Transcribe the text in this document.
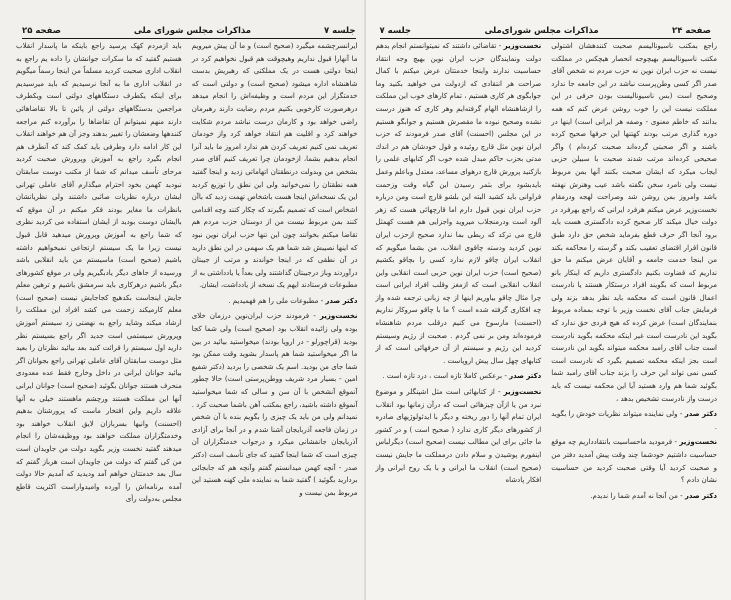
جلسه ۷
مذاکرات مجلس شورای ملی
صفحه ۲۵

ایرانسرچشمه میگیرد (صحیح است) و ما آن پیش میرویم ما آنهارا قبول نداریم وهیچوقت هم قبول نخواهیم کرد در اینجا دولتی هست در یک مملکتی که رهبریش بدست شاهنشاه اداره میشود (صحیح است) و دولتی است که خدمتگزار این مردم است و وظیفه‌اش را انجام میدهد درهرصورت کارخوبی بکنیم مردم رضایت دارند رهبرمان راضی خواهد بود و کارمان درست نباشد مردم شکایت خواهند کرد و اقلیت هم انتقاد خواهد کرد واز خودمان تعریف نمی کنیم تعریف کردن هم ندارد امروز ما باید آنرا انجام بدهیم بشما، ازخودمان چرا تعریف کنیم آقای صدر بشخص من وبدولت درنطقتان اتهاماتی زدید و اینجا گفتید همه نطقتان را نمی‌خوانید ولی این نطق را توزیع کردید این یک نسخه‌اش اینجا هست باشخاص تهمت زدید که باآن اشخاص است که تصمیم بگیرند که چکار کنند وچه اقدامی کنند بمن مربوط نیست من از دوستان حزب مردم هم تقاضا میکنم بخوانند چون این تنها حزب ایران نوین نبود که اینها نصیبش شد شما هم یک سهمی در این نطق دارید در آن نطقی که در اینجا خواندند و مرتب از جیبتان درآوردند وباز درجیبتان گذاشتند ولی بعداً یا یادداشتی به از مطبوعات فرستادند ایهم یک نسخه از یادداشت، ایشان.

دکتر صدر - مطبوعات ملی را هم فهمیدیم .

نخست‌وزیر - فرمودند حزب ایران‌نوین درزمان خلای بوده ولی زائیده انقلاب بود (صحیح است) ولی شما کجا بودید (قراچورلو - در اروپا بودند) میخواستید بیائید در بین ما اگر میخواستید شما هم پاسدار بشوید وقت ممکن بود شما جای من بودید. اسم یک شخصی را بردید (دکتر شفیع امین - بسیار مرد شریف ووطن‌پرستی است) حالا چطور آنموقع آنشخص با آن سن و سالی که شما میخواستید آنموقع داشته باشید، راجع بمکتب آهن باشما صحبت کرد . نمیدانم ولی من باید یک چیزی را بگویم بنده با آن شخص در زمان فاجعه آذربایجان آشنا شدم و در آنجا برای آزادی آذربایجان جانفشانی میکرد و درجواب خدمتگزاران آن چیزی است که شما اینجا گفتید که جای تأسف است (دکتر صدر - آنچه کهمن میدانستم گفتم وآنچه هم که جابجائی بردارید بگوئید ) گفتید شما به نماینده ملی کهنه هستید این مربوط بمن نیست و

باید ازمردم کهک پرسید راجع باینکه ما پاسدار انقلاب هستیم گفتید که ما سکرات جوانشان را داده یم راجع به انقلاب اداری صحبت کردید مسلماً من اینجا رسماً میگویم در انقلاب اداری ما به آنجا نرسیدیم که باید میرسیدیم برای اینکه یکطرف دستگاههای دولتی است ویکطرف مراجعین بدستگاههای دولتی از پائین تا بالا تقاضاهائی دارند منهم نمیتوانم آن تقاضاها را برآورده کنم مراجعه کنندهها وضعشان را تغییر بدهند وجز آن هم خواهند انقلاب این کار ادامه دارد وطرفی باید کمک کند که آنطرف هم انجام بگیرد راجع به آموزش وپرورش صحبت کردید مرحای تأسف میدانم که شما از مکتب دوست سابقتان نبودید کهمن بخود احترام میگذارم آقای عاملی تهرانی ایشان درباره نظریات صائبی داشتند ولی نظریاتشان بانظرات ما مغایر بودند فکر میکنم در آن موقع که باایشان دوست بودید از ایشان استفاده می کردید نظری که شما راجع به آموزش وپرورش میدهید قابل قبول نیست زیرا ما یک سیستم ارتجاعی نمیخواهیم داشته باشیم (صحیح است) ماسیستم من باید انقلابی باشد ورسیده از جاهای دیگر یادبگیریم ولی در موقع کشورهای دیگر باشیم درهرکاری باید سرمشق باشیم و ترهین معلم جایش اینجاست بکدهیچ کجاجایش نیست (صحیح است) معلم کارمیکند زحمت می کشد افراد این مملکت را ارشاد میکند وشاید راجع به نهضتی زد سیستم آموزش وپرورش سیستمی است جدید اگر راجع بسیستم نظر دارید اول سیستم را قرائت کنید بعد بیائید نظرتان را بعید مثل دوست سابقتان آقای عاملی تهرانی راجع بجوانان اگر بیائید جوانان ایرانی در داخل وخارج فقط عده معدودی منحرف هستند جوانان بگوئید (صحیح است) جوانان ایرانی آنها این مملکت هستند ورچشم ماهستند خیلی به آنها علاقه داریم واین افتخار ماست که پرورشتان بدهیم (احسنت) وانیها بسربازان لایق انقلاب خواهند بود وخدمتگزاران مملکت خواهند بود ووظیفه‌شان را انجام میدهند گفتید نخست وزیر بگوید دولت من جاویدان است من کی گفتم که دولت من جاویدان است هرباز گفتم که سال بعد خدمتتان خواهم آمد ودیدید که آمدیم حالا دولت آمده برنامه‌اش را آورده وامیدواراست اکثریت قاطع مجلس به‌دولت رأی

صفحه ۲۴
مذاکرات مجلس شورای‌ملی
جلسه ۷

راجع بمکتب ناسیونالیسم صحبت کنندهشان اشتولی مکتب ناسیونالیسم بهیچوجه انحصار هیچکس در مملکت نیست نه حزب ایران نوین نه حزب مردم نه شخص آقای صدر اگر کسی وطن‌پرست نباشد در این جامعه جا ندارد وصحیح است (بس ناسیونالیست بودن حرفی در این مملکت نیست این را خوب روشن عرض کنم که همه بدانند که خاطم معنوی - وصفه هر ایرانی است) اینها در دوره گذاری مرتب بودند کهتنها این حرفها صحیح کرده باشند و اگر صحبتی گرده‌اند صحبت کرده‌ام ) واگر صحیحی کرده‌اند مرتب شدند صحبت با سبیلن حزبی ایجاب میکرد که ایشان صحبت بکنند آنها بمن مربوط نیست ولی نامرد سخن نگفته باشد عیب وهنرش نهفته باشد وامروز بمن روشن شد وصراحت لهجه ودرمقام نخست‌وزیر عرض میکنم هرفرد ایرانی که راجع بهرفرد در دولت خیال میکند کار صحیح کرده دادگستری هست باید برود آنجا اگر حرف قطع بفرماید شخص حق دارد طبق قانون اقرار اقتضای تعقیب بکند و گرسته را محاکمه بکند من اینجا خدمت جامعه و آقایان عرض میکنم ما حق نداریم که قضاوت بکنیم دادگستری داریم که اینکار بانو مربوط است که بگویند افراد درستکار هستند یا نادرست اعمال قانون است که محکمه باید نظر بدهد بزند ولی فرمایش جناب آقای نخست وزیر با توجه بمماده مربوط بنمایندگان است) عرض کرده که هیچ فردی حق ندارد که بگوید این نادرست است غیر اینکه محکمه بگوید نادرست است جناب آقای رامبد محکمه میتواند بگوید این نادرست است بجز اینکه محکمه تصمیم بگیرد که نادرست است کسی نمی تواند این حرف را بزند جناب آقای رامبد شما بگوئید شما هم وارد هستید آیا این محکمه نیست که باید درست واز نادرست تشخیص بدهد ،

دکتر صدر - ولی نماینده میتواند نظریات خودش را بگوید .

نخست‌وزیر - فرمودید ماحساسیت بانتقادداریم چه موقع حساسیت داشتیم خودشما چند وقت پیش آمدید دفتر من و صحبت کردید آیا وقتی صحبت کردید من حساسیت نشان دادم ؟

دکتر صدر - من آنجا نه آمدم شما را ندیدم.

نخست‌وزیر - تقاضائی داشتند که نمیتوانستم انجام بدهم دولت ونمایندگان حزب ایران نوین بهیچ وجه انتقاد حساسیت ندارند واینجا خدمتتان عرض میکنم با کمال صراحت هر انتقادی که ازدولت می خواهید بکنید وما جوابگوی هر کاری هستیم ، تمام کارهای خوب این مملکت را ازشاهنشاه الهام گرفته‌ایم وهر کاری که هنوز درست نشده وصحیح نبوده ما مقصرش هستیم و جوابگو هستیم در این مجلس (احسنت) آقای صدر فرمودند که حزب ایران نوین مثل قارچ روئیده و قول خودشان هم در اندك مدتی بحزب حاکم مبدل شده خوب اگر کتابهای علمی را بازکنید پرورش قارچ درهوای مساعد، معتدل وباعلم وعمل بایدبشود برای بثمر رسیدن این گیاه وقت وزحمت فراوانی باید کشید البته این بلشو قارچ است ومن درباره حزب ایران نوین قبول دارم اما قارچهائی هست که زهر آلود است ودرمنجلاب میروید واجزایی هم هست کهمثل قارچ می ترکد که ربطی بما ندارد صحیح ازحزب ایران نوین کردید ودسته چاقوی انقلاب، من بشما میگویم که انقلاب ایران چاقو لازم ندارد کسی را بچاقو بکشیم (صحیح است) حزب ایران نوین حزبی است انقلابی واین انقلاب انقلابی است که ازمغز وقلب افراد ایرانی است چرا مثال چاقو بیاوریم اینها از چه زبانی ترجمه شده واز چه افکاری گرفته شده است ؟ ما با چاقو سروکار نداریم (احسنت) مارسوخ می کنیم درقلب مردم شاهنشاه فرموده‌اند ومن بر نمی گردم . صحبت از رژیم وسیستم کردید این رژیم و سیستم از آن حرفهائی است که از کتابهای چهل سال پیش اروپاست .

دکتر صدر - برعکس کاملا تازه است ، درد تازه است .

نخست‌وزیر - از کتابهائی است مثل اشپنگلر و موضوع نبرد من یا ازآن چیزهائی است که درآن زمانها بود انقلاب ایران تمام آنها را دور ریخته و دیگر با ایدئولوژیهای صادره از کشورهای دیگر کاری ندارد ( صحیح است ) و در کشور ما جائی برای این مطالب نیست (صحیح است) دیگرلباس اینفورم پوشیدن و سلام دادن درمملکت ما جایش نیست (صحیح است) انقلاب ما ایرانی و با یک روح ایرانی واز افکار پادشاه
